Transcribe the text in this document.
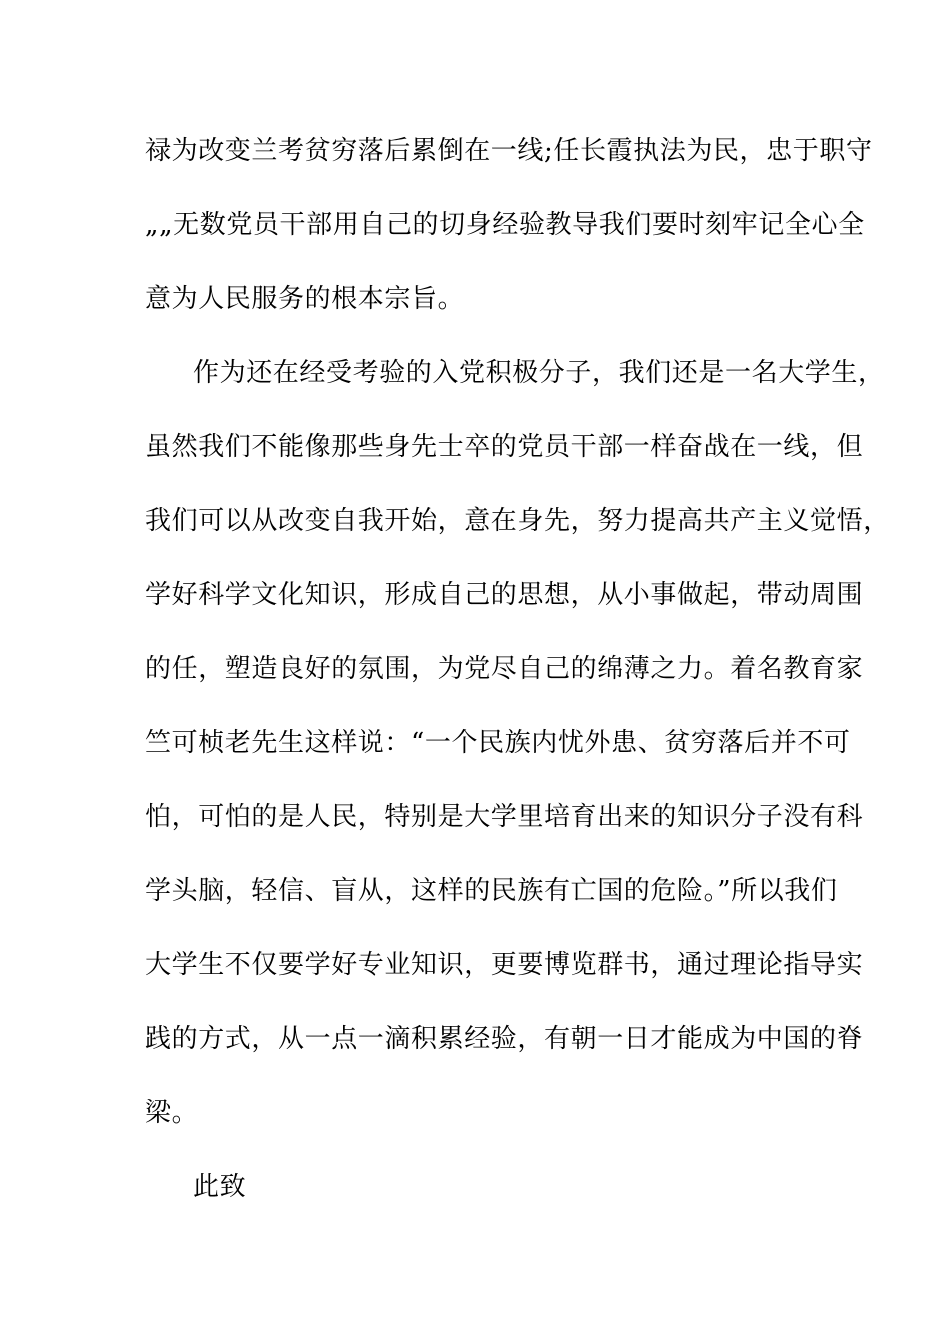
禄为改变兰考贫穷落后累倒在一线;任长霞执法为民，忠于职守
„„无数党员干部用自己的切身经验教导我们要时刻牢记全心全
意为人民服务的根本宗旨。
作为还在经受考验的入党积极分子，我们还是一名大学生，
虽然我们不能像那些身先士卒的党员干部一样奋战在一线，但
我们可以从改变自我开始，意在身先，努力提高共产主义觉悟，
学好科学文化知识，形成自己的思想，从小事做起，带动周围
的任，塑造良好的氛围，为党尽自己的绵薄之力。着名教育家
竺可桢老先生这样说：“一个民族内忧外患、贫穷落后并不可
怕，可怕的是人民，特别是大学里培育出来的知识分子没有科
学头脑，轻信、盲从，这样的民族有亡国的危险。”所以我们
大学生不仅要学好专业知识，更要博览群书，通过理论指导实
践的方式，从一点一滴积累经验，有朝一日才能成为中国的脊
梁。
此致
